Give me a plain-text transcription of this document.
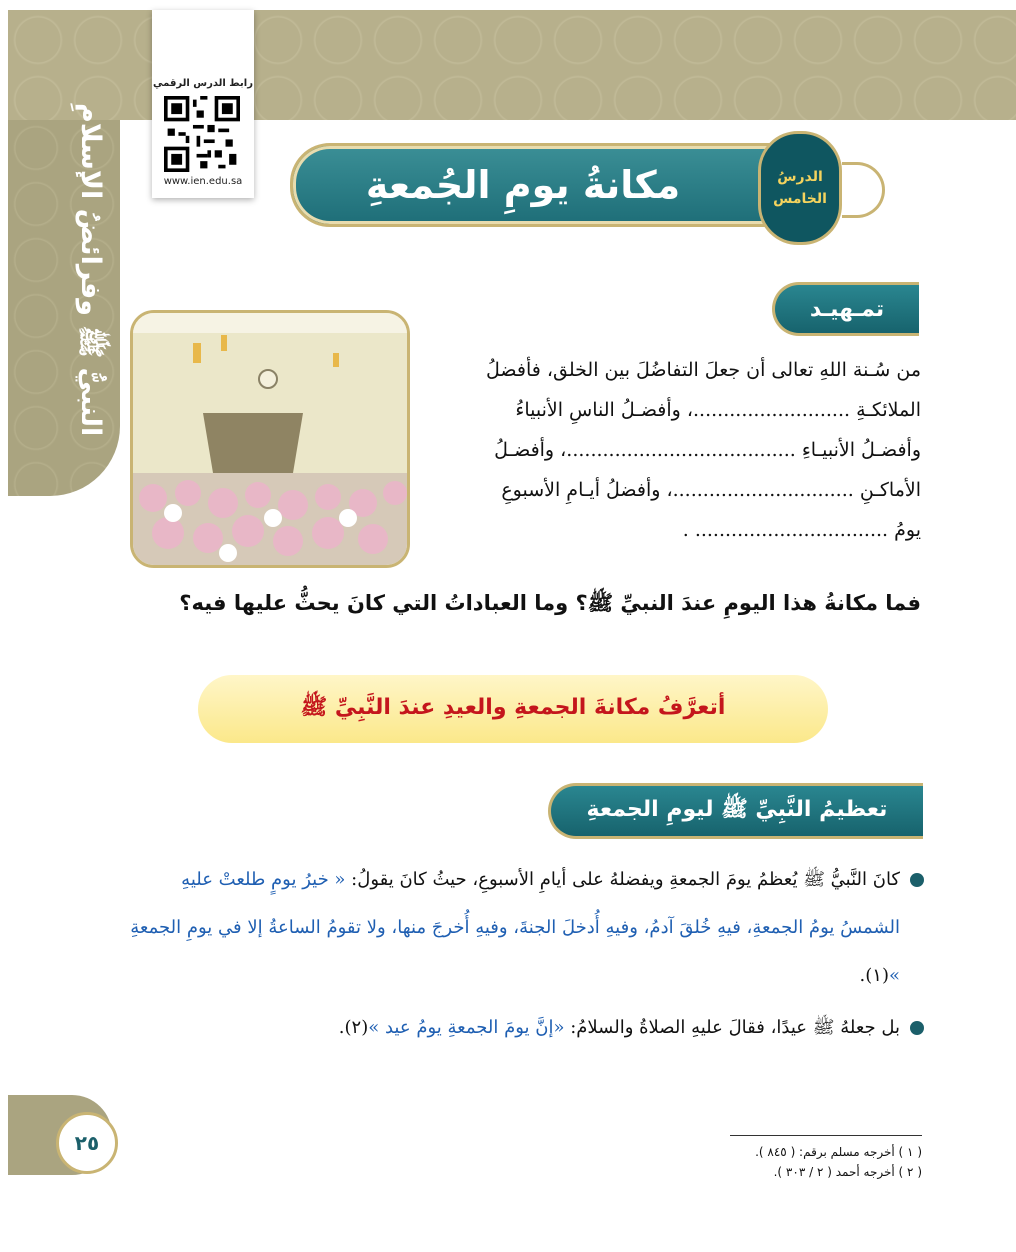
النبيُّ ﷺ وفرائضُ الإسلامِ
رابط الدرس الرقمي
www.ien.edu.sa	مكانةُ يومِ الجُمعةِ	الدرسُ
الخامس
تمـهيـد

من سُـنة اللهِ تعالى أن جعلَ التفاضُلَ بين الخلق، فأفضلُ

الملائكـةِ ..........................، وأفضـلُ الناسِ الأنبياءُ

وأفضـلُ الأنبيـاءِ ......................................، وأفضـلُ

الأماكـنِ ..............................، وأفضلُ أيـامِ الأسبوعِ

يومُ ................................ .

فما مكانةُ هذا اليومِ عندَ النبيِّ ﷺ؟ وما العباداتُ التي كانَ يحثُّ عليها فيه؟
أتعرَّفُ مكانةَ الجمعةِ والعيدِ عندَ النَّبِيِّ ﷺ
تعظيمُ النَّبِيِّ ﷺ ليومِ الجمعةِ

كانَ النَّبيُّ ﷺ يُعظمُ يومَ الجمعةِ ويفضلهُ على أيامِ الأسبوعِ، حيثُ كانَ يقولُ: « خيرُ يومٍ طلعتْ عليهِ الشمسُ يومُ الجمعةِ، فيهِ خُلقَ آدمُ، وفيهِ أُدخلَ الجنةَ، وفيهِ أُخرجَ منها، ولا تقومُ الساعةُ إلا في يومِ الجمعةِ »(١).

بل جعلهُ ﷺ عيدًا، فقالَ عليهِ الصلاةُ والسلامُ: «إنَّ يومَ الجمعةِ يومُ عيد »(٢).

٢٥	( ١ ) أخرجه مسلم برقم: ( ٨٤٥ ).

( ٢ ) أخرجه أحمد ( ٢ / ٣٠٣ ).
